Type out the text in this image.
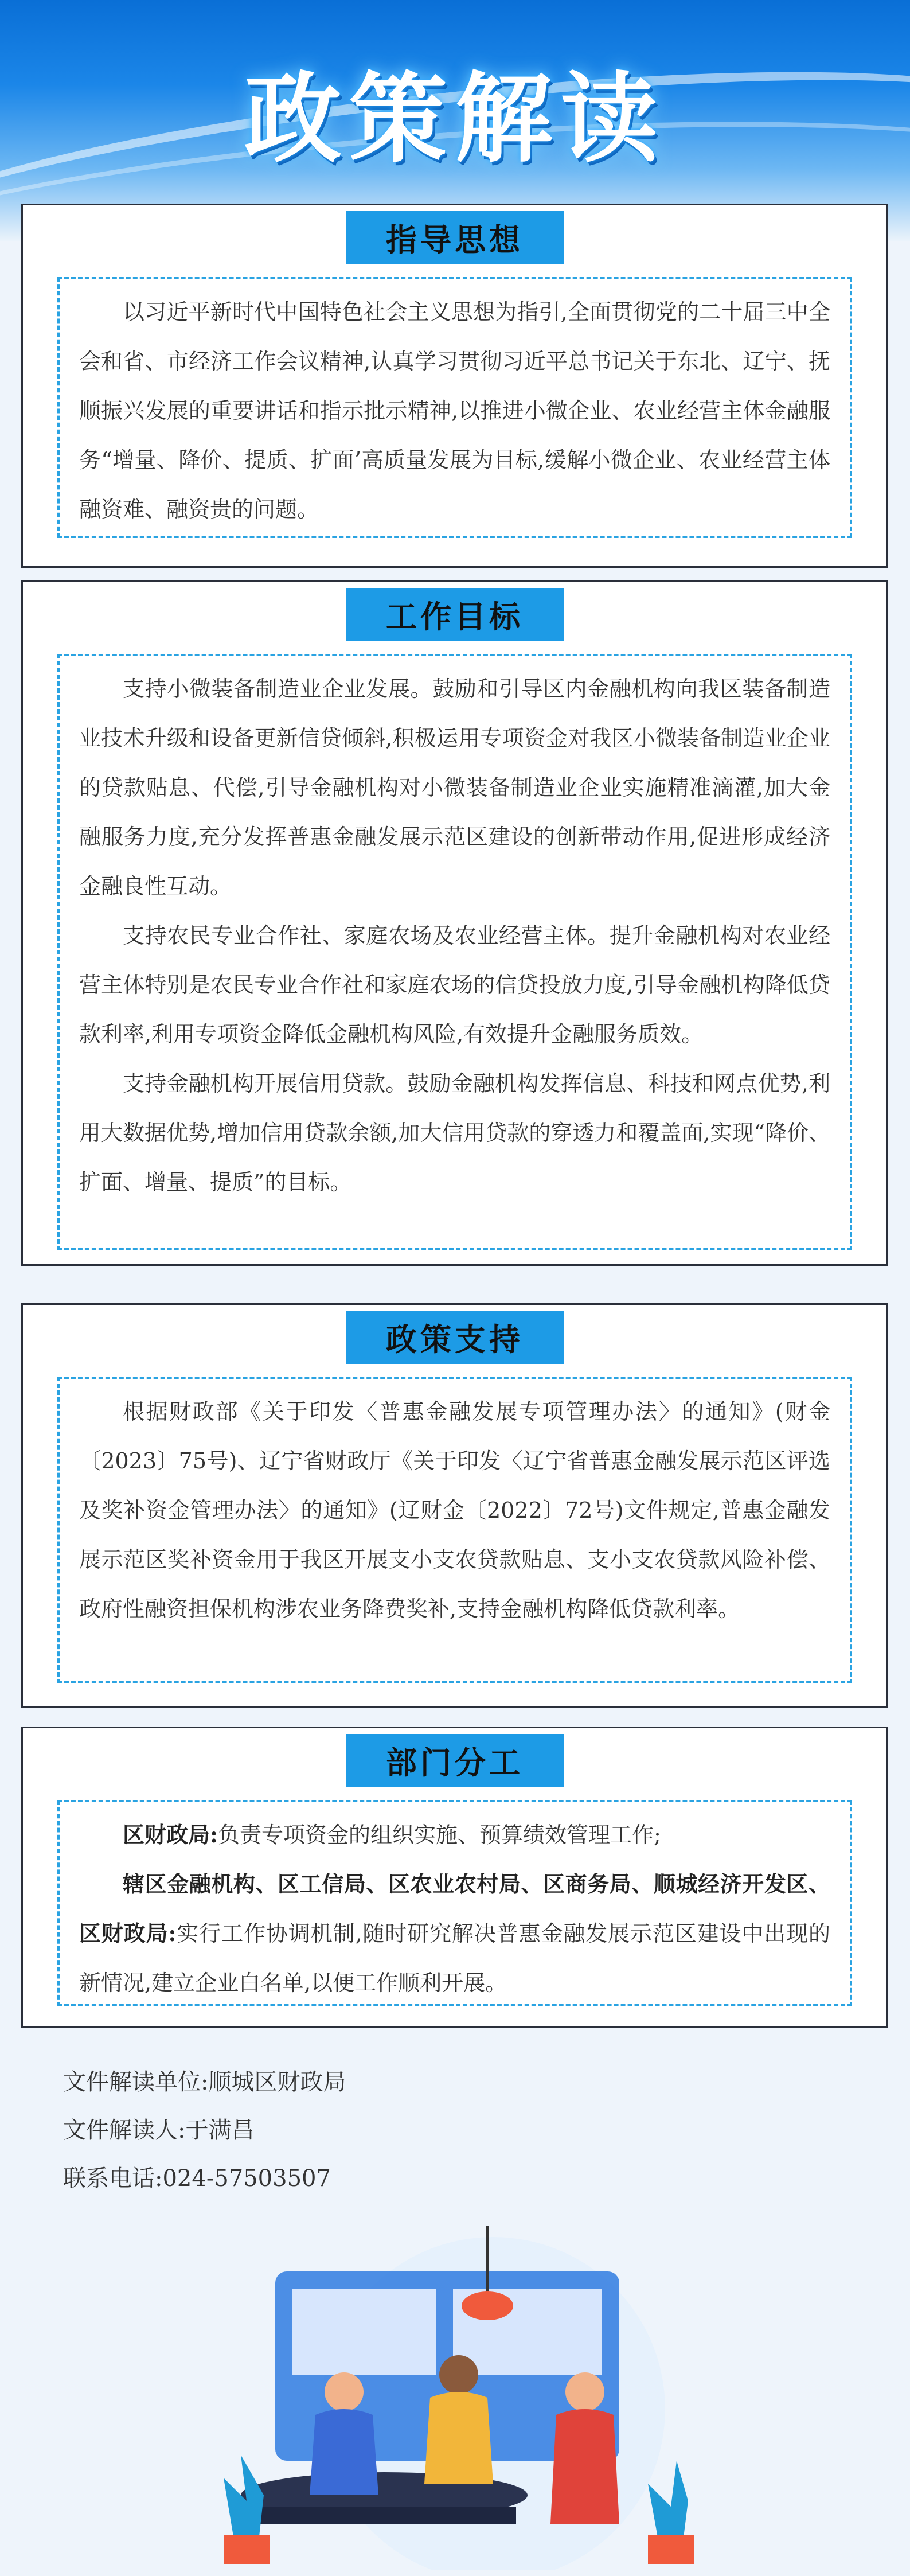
政策解读
指导思想

以习近平新时代中国特色社会主义思想为指引,全面贯彻党的二十届三中全会和省、市经济工作会议精神,认真学习贯彻习近平总书记关于东北、辽宁、抚顺振兴发展的重要讲话和指示批示精神,以推进小微企业、农业经营主体金融服务“增量、降价、提质、扩面’高质量发展为目标,缓解小微企业、农业经营主体融资难、融资贵的问题。

工作目标

支持小微装备制造业企业发展。鼓励和引导区内金融机构向我区装备制造业技术升级和设备更新信贷倾斜,积极运用专项资金对我区小微装备制造业企业的贷款贴息、代偿,引导金融机构对小微装备制造业企业实施精准滴灌,加大金融服务力度,充分发挥普惠金融发展示范区建设的创新带动作用,促进形成经济金融良性互动。

支持农民专业合作社、家庭农场及农业经营主体。提升金融机构对农业经营主体特别是农民专业合作社和家庭农场的信贷投放力度,引导金融机构降低贷款利率,利用专项资金降低金融机构风险,有效提升金融服务质效。

支持金融机构开展信用贷款。鼓励金融机构发挥信息、科技和网点优势,利用大数据优势,增加信用贷款余额,加大信用贷款的穿透力和覆盖面,实现“降价、扩面、增量、提质”的目标。

政策支持

根据财政部《关于印发〈普惠金融发展专项管理办法〉的通知》(财金〔2023〕75号)、辽宁省财政厅《关于印发〈辽宁省普惠金融发展示范区评选及奖补资金管理办法〉的通知》(辽财金〔2022〕72号)文件规定,普惠金融发展示范区奖补资金用于我区开展支小支农贷款贴息、支小支农贷款风险补偿、政府性融资担保机构涉农业务降费奖补,支持金融机构降低贷款利率。

部门分工

区财政局:负责专项资金的组织实施、预算绩效管理工作;

辖区金融机构、区工信局、区农业农村局、区商务局、顺城经济开发区、区财政局:实行工作协调机制,随时研究解决普惠金融发展示范区建设中出现的新情况,建立企业白名单,以便工作顺利开展。

文件解读单位:顺城区财政局
文件解读人:于满昌
联系电话:024-57503507
